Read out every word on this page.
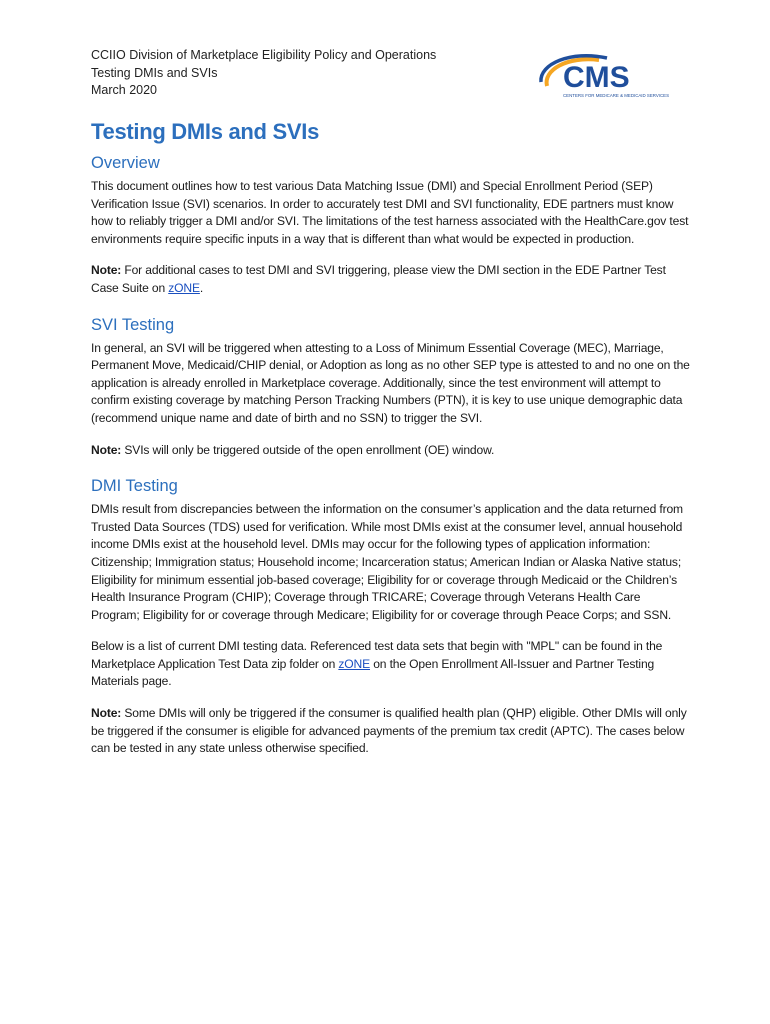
CCIIO Division of Marketplace Eligibility Policy and Operations
Testing DMIs and SVIs
March 2020	CMS
CENTERS FOR MEDICARE & MEDICAID SERVICES
Testing DMIs and SVIs
Overview

This document outlines how to test various Data Matching Issue (DMI) and Special Enrollment Period (SEP) Verification Issue (SVI) scenarios. In order to accurately test DMI and SVI functionality, EDE partners must know how to reliably trigger a DMI and/or SVI. The limitations of the test harness associated with the HealthCare.gov test environments require specific inputs in a way that is different than what would be expected in production.

Note: For additional cases to test DMI and SVI triggering, please view the DMI section in the EDE Partner Test Case Suite on zONE.

SVI Testing

In general, an SVI will be triggered when attesting to a Loss of Minimum Essential Coverage (MEC), Marriage, Permanent Move, Medicaid/CHIP denial, or Adoption as long as no other SEP type is attested to and no one on the application is already enrolled in Marketplace coverage. Additionally, since the test environment will attempt to confirm existing coverage by matching Person Tracking Numbers (PTN), it is key to use unique demographic data (recommend unique name and date of birth and no SSN) to trigger the SVI.

Note: SVIs will only be triggered outside of the open enrollment (OE) window.

DMI Testing

DMIs result from discrepancies between the information on the consumer’s application and the data returned from Trusted Data Sources (TDS) used for verification. While most DMIs exist at the consumer level, annual household income DMIs exist at the household level. DMIs may occur for the following types of application information: Citizenship; Immigration status; Household income; Incarceration status; American Indian or Alaska Native status; Eligibility for minimum essential job-based coverage; Eligibility for or coverage through Medicaid or the Children’s Health Insurance Program (CHIP); Coverage through TRICARE; Coverage through Veterans Health Care Program; Eligibility for or coverage through Medicare; Eligibility for or coverage through Peace Corps; and SSN.

Below is a list of current DMI testing data. Referenced test data sets that begin with "MPL" can be found in the Marketplace Application Test Data zip folder on zONE on the Open Enrollment All-Issuer and Partner Testing Materials page.

Note: Some DMIs will only be triggered if the consumer is qualified health plan (QHP) eligible. Other DMIs will only be triggered if the consumer is eligible for advanced payments of the premium tax credit (APTC). The cases below can be tested in any state unless otherwise specified.
